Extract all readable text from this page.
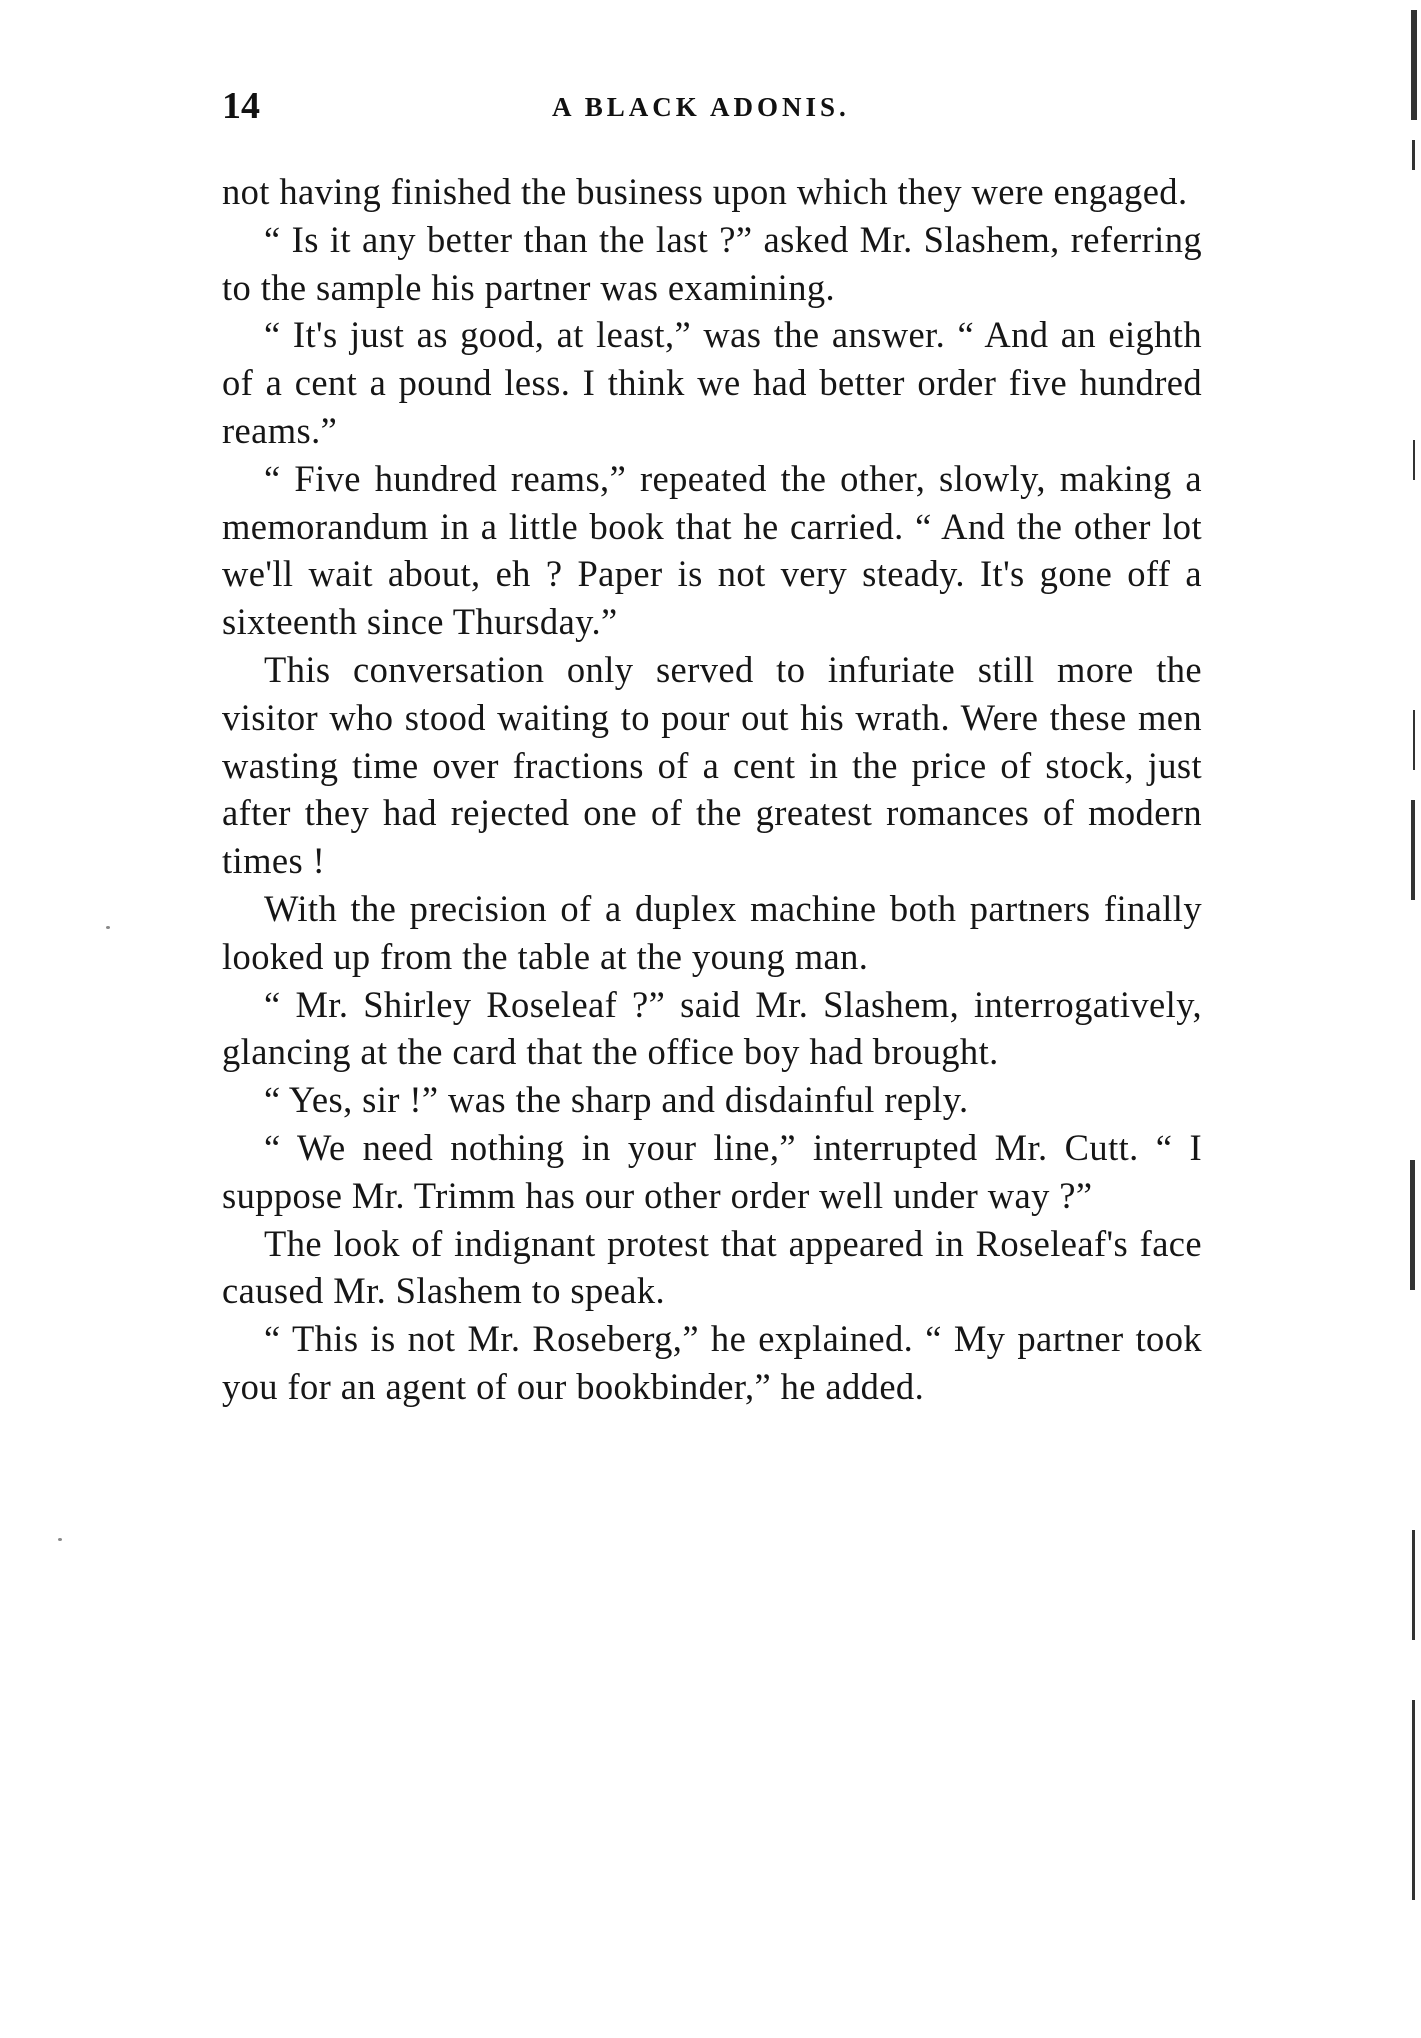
14	A BLACK ADONIS.

not having finished the business upon which they were engaged.

“ Is it any better than the last ?” asked Mr. Slashem, referring to the sample his partner was examining.

“ It's just as good, at least,” was the answer. “ And an eighth of a cent a pound less. I think we had better order five hundred reams.”

“ Five hundred reams,” repeated the other, slowly, making a memorandum in a little book that he carried. “ And the other lot we'll wait about, eh ? Paper is not very steady. It's gone off a sixteenth since Thursday.”

This conversation only served to infuriate still more the visitor who stood waiting to pour out his wrath. Were these men wasting time over fractions of a cent in the price of stock, just after they had rejected one of the greatest romances of modern times !

With the precision of a duplex machine both partners finally looked up from the table at the young man.

“ Mr. Shirley Roseleaf ?” said Mr. Slashem, interrogatively, glancing at the card that the office boy had brought.

“ Yes, sir !” was the sharp and disdainful reply.

“ We need nothing in your line,” interrupted Mr. Cutt. “ I suppose Mr. Trimm has our other order well under way ?”

The look of indignant protest that appeared in Roseleaf's face caused Mr. Slashem to speak.

“ This is not Mr. Roseberg,” he explained. “ My partner took you for an agent of our bookbinder,” he added.
